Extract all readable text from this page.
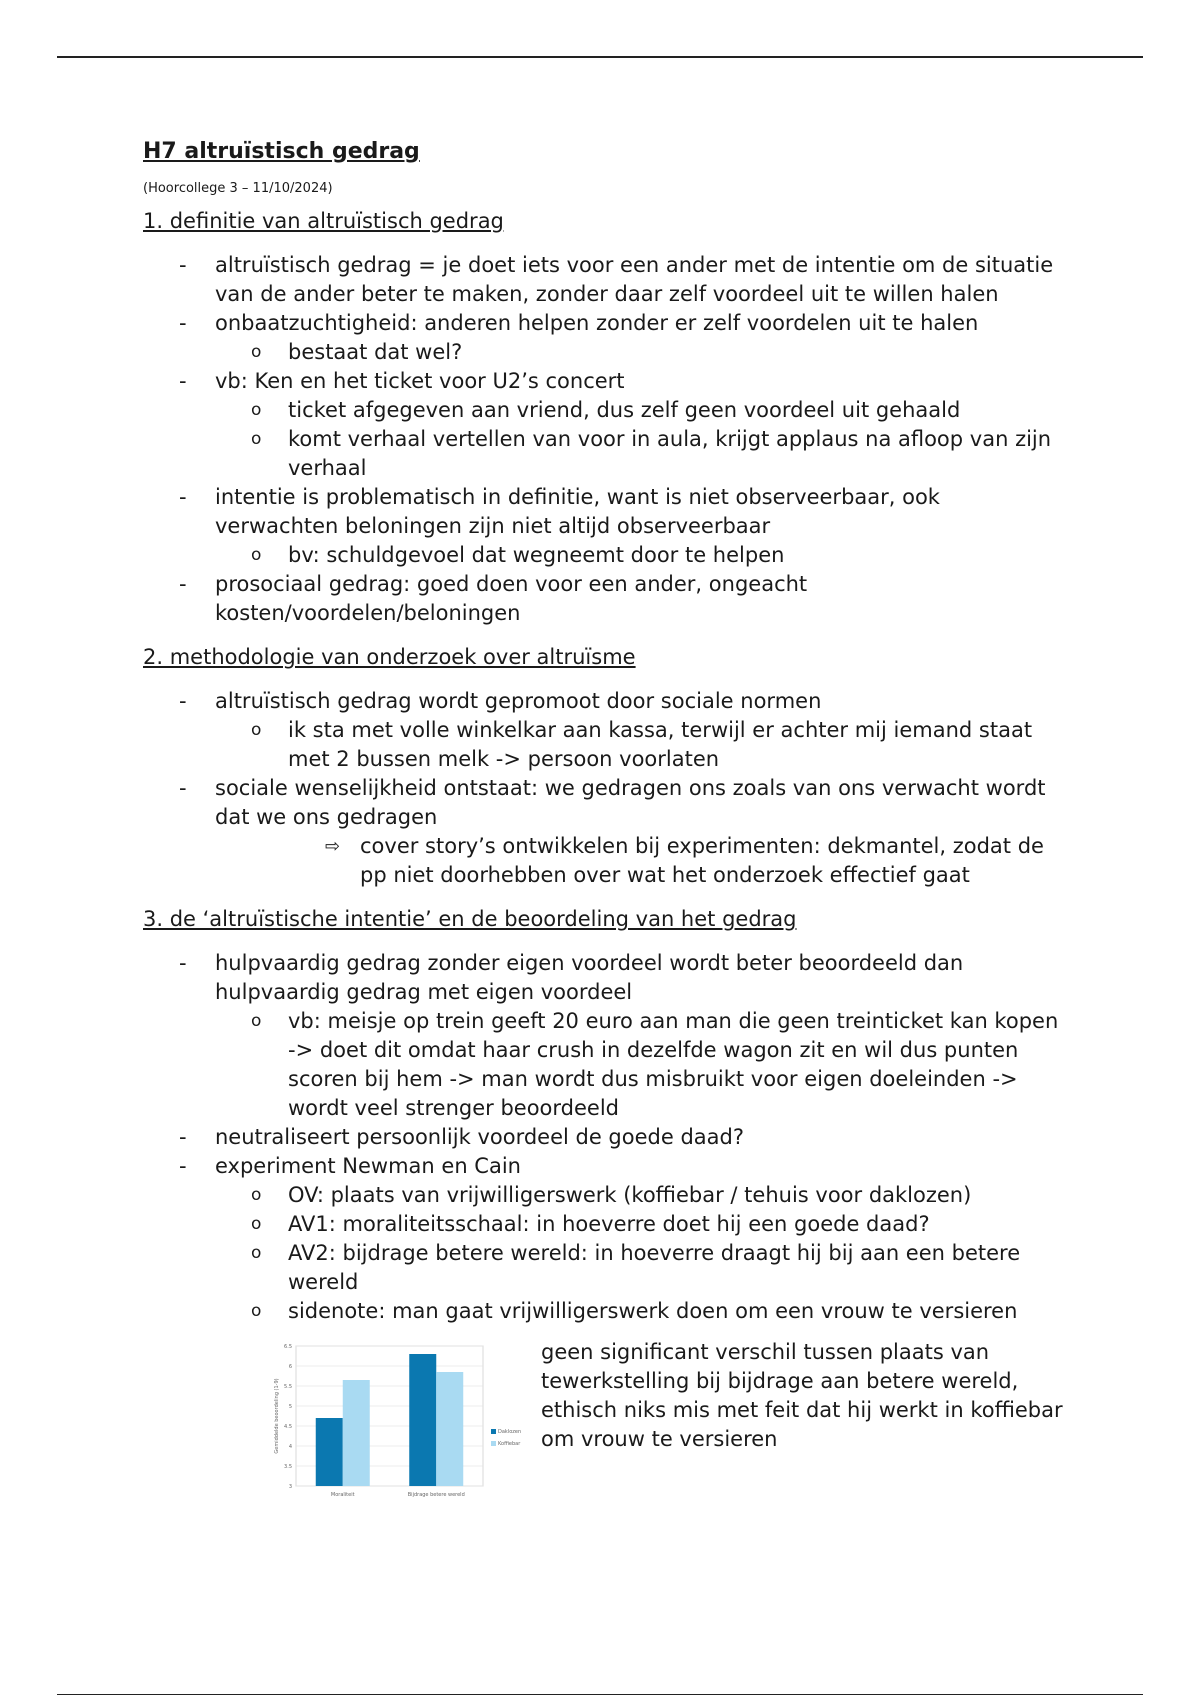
H7 altruïstisch gedrag
(Hoorcollege 3 – 11/10/2024)
1. definitie van altruïstisch gedrag
- altruïstisch gedrag = je doet iets voor een ander met de intentie om de situatie van de ander beter te maken, zonder daar zelf voordeel uit te willen halen
- onbaatzuchtigheid: anderen helpen zonder er zelf voordelen uit te halen
o bestaat dat wel?
- vb: Ken en het ticket voor U2’s concert
o ticket afgegeven aan vriend, dus zelf geen voordeel uit gehaald
o komt verhaal vertellen van voor in aula, krijgt applaus na afloop van zijn verhaal
- intentie is problematisch in definitie, want is niet observeerbaar, ook verwachten beloningen zijn niet altijd observeerbaar
o bv: schuldgevoel dat wegneemt door te helpen
- prosociaal gedrag: goed doen voor een ander, ongeacht kosten/voordelen/beloningen
2. methodologie van onderzoek over altruïsme
- altruïstisch gedrag wordt gepromoot door sociale normen
o ik sta met volle winkelkar aan kassa, terwijl er achter mij iemand staat met 2 bussen melk -> persoon voorlaten
- sociale wenselijkheid ontstaat: we gedragen ons zoals van ons verwacht wordt dat we ons gedragen
⇨ cover story’s ontwikkelen bij experimenten: dekmantel, zodat de pp niet doorhebben over wat het onderzoek effectief gaat
3. de ‘altruïstische intentie’ en de beoordeling van het gedrag
- hulpvaardig gedrag zonder eigen voordeel wordt beter beoordeeld dan hulpvaardig gedrag met eigen voordeel
o vb: meisje op trein geeft 20 euro aan man die geen treinticket kan kopen -> doet dit omdat haar crush in dezelfde wagon zit en wil dus punten scoren bij hem -> man wordt dus misbruikt voor eigen doeleinden -> wordt veel strenger beoordeeld
- neutraliseert persoonlijk voordeel de goede daad?
- experiment Newman en Cain
o OV: plaats van vrijwilligerswerk (koffiebar / tehuis voor daklozen)
o AV1: moraliteitsschaal: in hoeverre doet hij een goede daad?
o AV2: bijdrage betere wereld: in hoeverre draagt hij bij aan een betere wereld
o sidenote: man gaat vrijwilligerswerk doen om een vrouw te versieren
3
3.5
4
4.5
5
5.5
6
6.5
Moraliteit	Bijdrage betere wereld
Gemiddelde beoordeling (1-9)	Daklozen
Koffiebar
geen significant verschil tussen plaats van tewerkstelling bij bijdrage aan betere wereld, ethisch niks mis met feit dat hij werkt in koffiebar om vrouw te versieren
